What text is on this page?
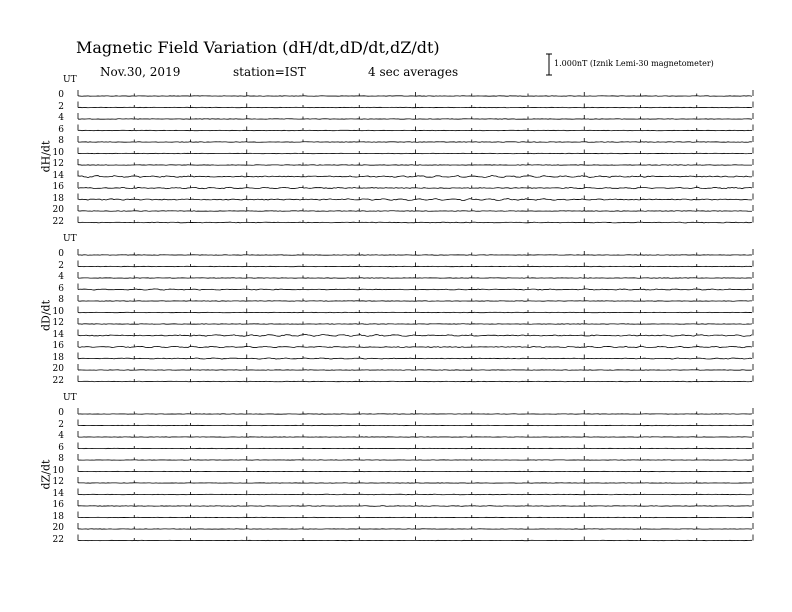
Magnetic Field Variation (dH/dt,dD/dt,dZ/dt)
Nov.30, 2019	station=IST	4 sec averages
1.000nT (Iznik Lemi-30 magnetometer)
UT
dH/dt
0
2
4
6
8
10
12
14
16
18
20
22
UT
dD/dt
0
2
4
6
8
10
12
14
16
18
20
22
UT
dZ/dt
0
2
4
6
8
10
12
14
16
18
20
22
